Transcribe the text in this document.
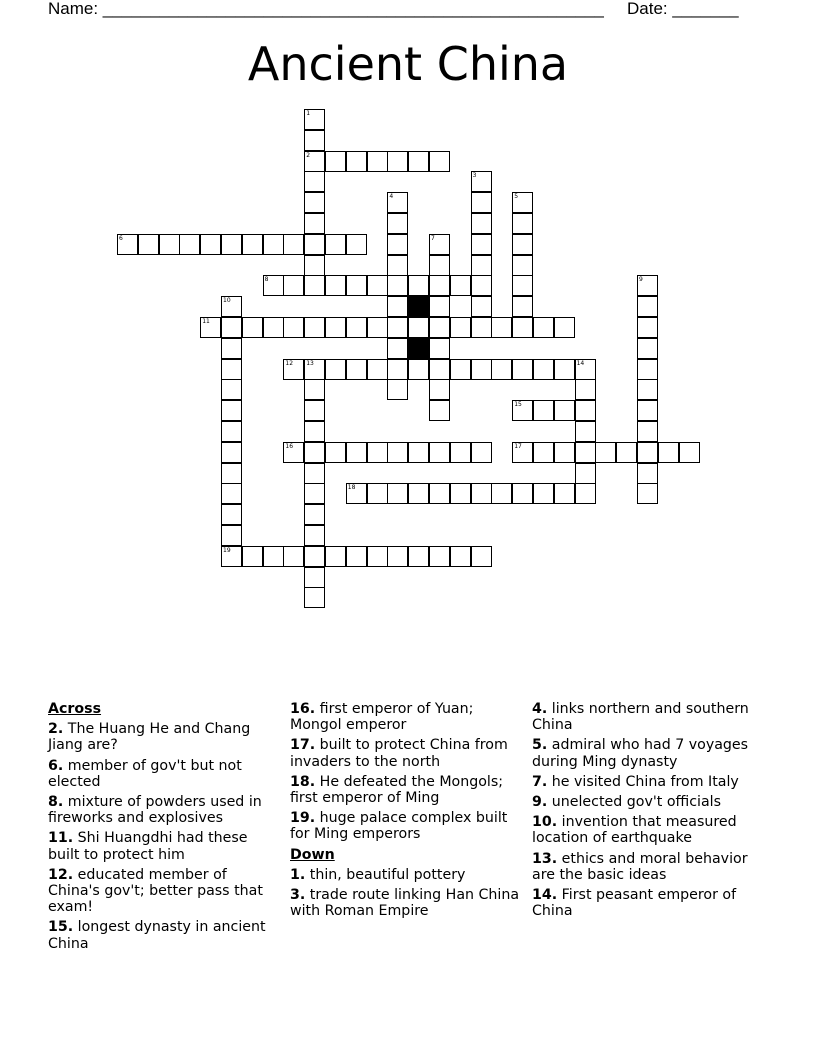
Name: _____________________________________________________ Date: _______
Ancient China
1
2
3
4	5
6	7
8	9
10
11
12 13	14
15
16	17
18
19
Across
2. The Huang He and Chang Jiang are?
6. member of gov't but not elected
8. mixture of powders used in fireworks and explosives
11. Shi Huangdhi had these built to protect him
12. educated member of China's gov't; better pass that exam!
15. longest dynasty in ancient China
16. first emperor of Yuan; Mongol emperor
17. built to protect China from invaders to the north
18. He defeated the Mongols; first emperor of Ming
19. huge palace complex built for Ming emperors
Down
1. thin, beautiful pottery
3. trade route linking Han China with Roman Empire
4. links northern and southern China
5. admiral who had 7 voyages during Ming dynasty
7. he visited China from Italy
9. unelected gov't officials
10. invention that measured location of earthquake
13. ethics and moral behavior are the basic ideas
14. First peasant emperor of China
